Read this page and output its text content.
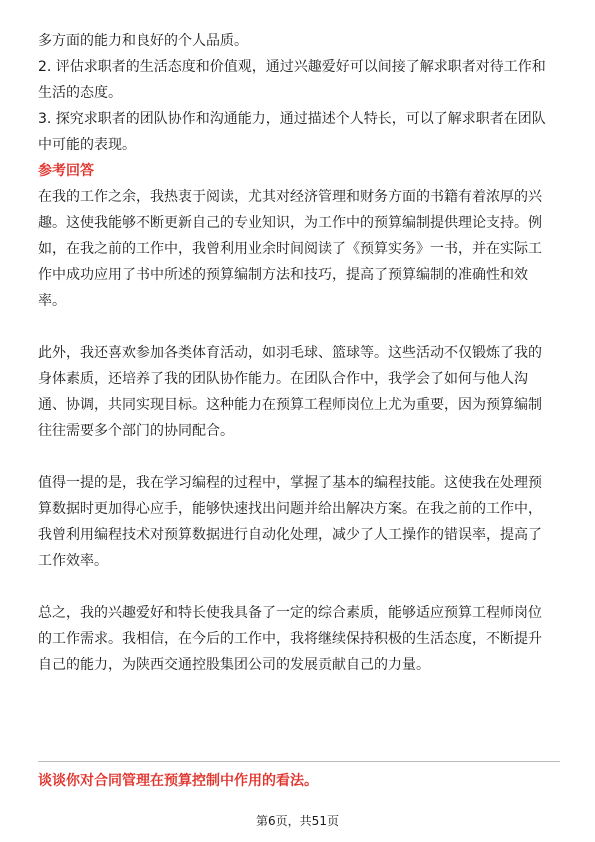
多方面的能力和良好的个人品质。
2. 评估求职者的生活态度和价值观，通过兴趣爱好可以间接了解求职者对待工作和
生活的态度。
3. 探究求职者的团队协作和沟通能力，通过描述个人特长，可以了解求职者在团队
中可能的表现。
参考回答
在我的工作之余，我热衷于阅读，尤其对经济管理和财务方面的书籍有着浓厚的兴
趣。这使我能够不断更新自己的专业知识，为工作中的预算编制提供理论支持。例
如，在我之前的工作中，我曾利用业余时间阅读了《预算实务》一书，并在实际工
作中成功应用了书中所述的预算编制方法和技巧，提高了预算编制的准确性和效
率。
此外，我还喜欢参加各类体育活动，如羽毛球、篮球等。这些活动不仅锻炼了我的
身体素质，还培养了我的团队协作能力。在团队合作中，我学会了如何与他人沟
通、协调，共同实现目标。这种能力在预算工程师岗位上尤为重要，因为预算编制
往往需要多个部门的协同配合。
值得一提的是，我在学习编程的过程中，掌握了基本的编程技能。这使我在处理预
算数据时更加得心应手，能够快速找出问题并给出解决方案。在我之前的工作中，
我曾利用编程技术对预算数据进行自动化处理，减少了人工操作的错误率，提高了
工作效率。
总之，我的兴趣爱好和特长使我具备了一定的综合素质，能够适应预算工程师岗位
的工作需求。我相信，在今后的工作中，我将继续保持积极的生活态度，不断提升
自己的能力，为陕西交通控股集团公司的发展贡献自己的力量。
谈谈你对合同管理在预算控制中作用的看法。
第6页，共51页
